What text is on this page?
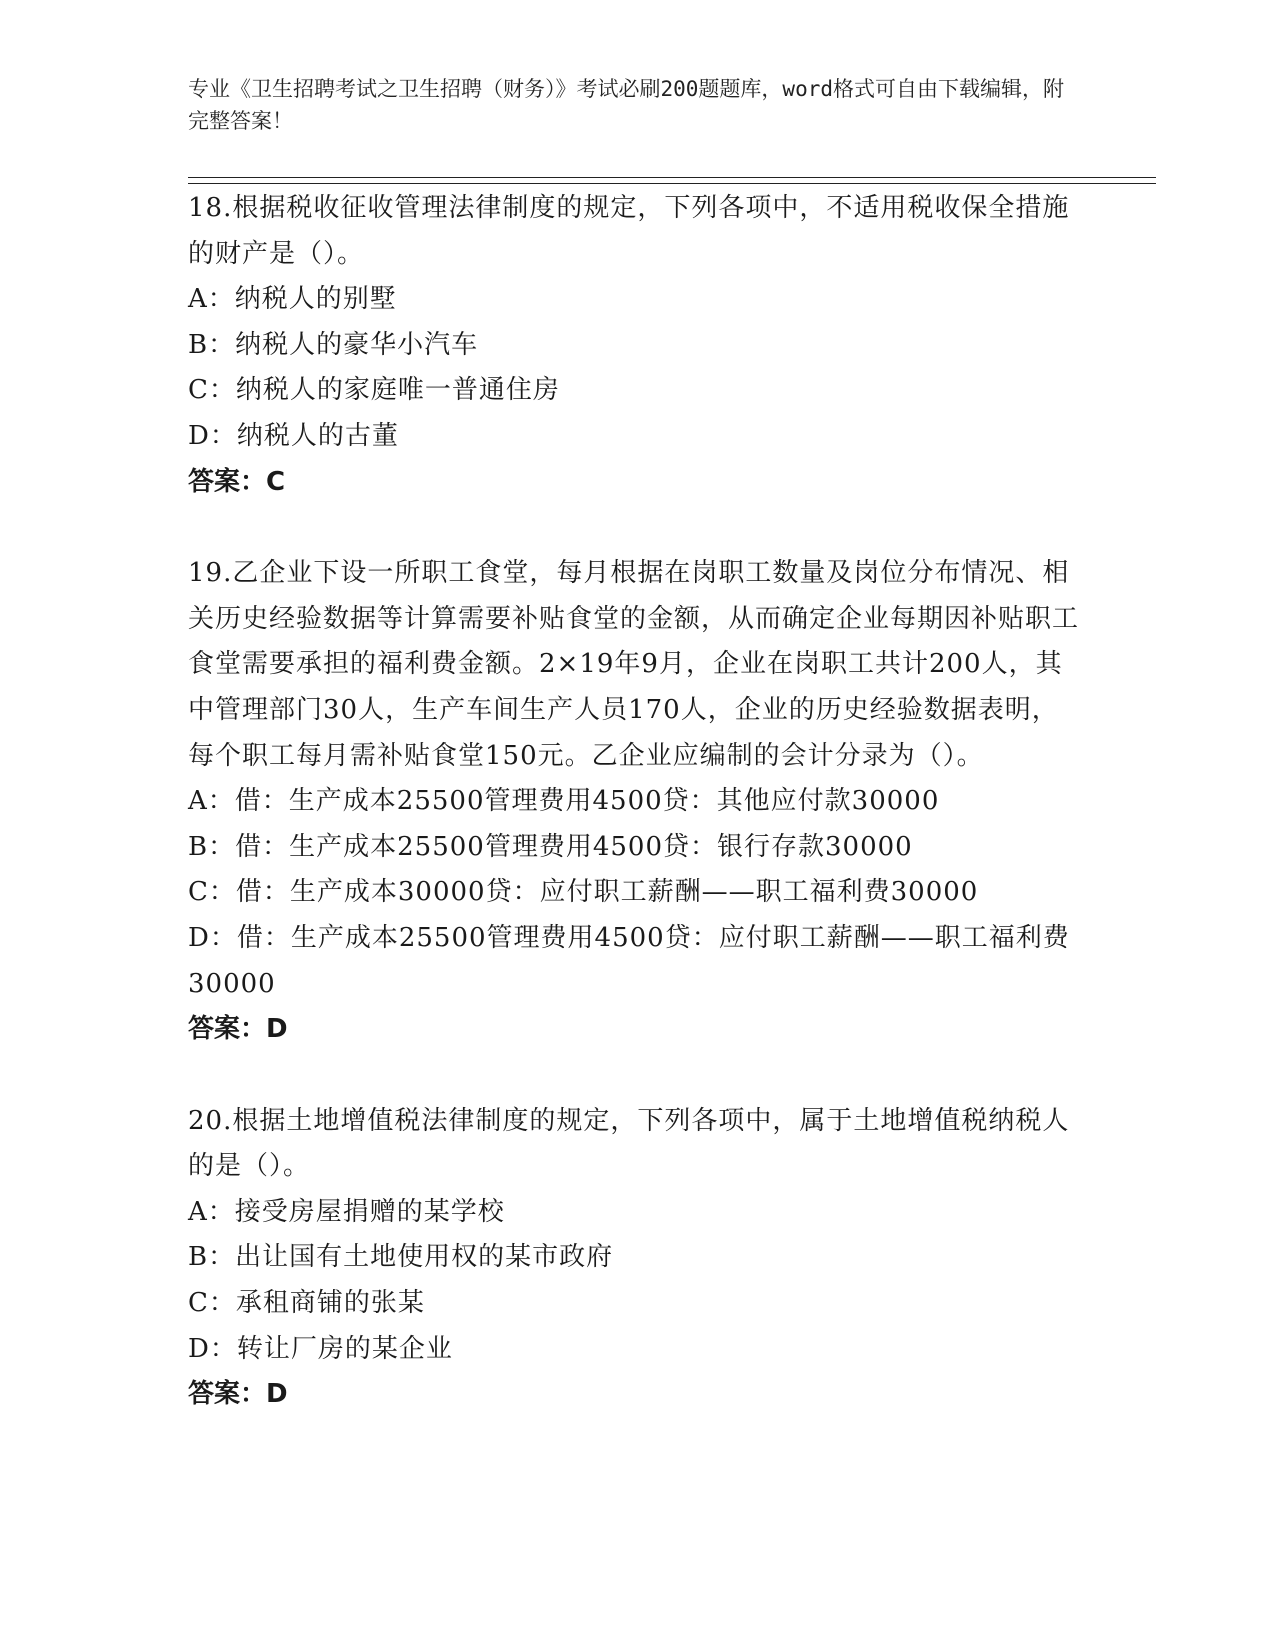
专业《卫生招聘考试之卫生招聘（财务）》考试必刷200题题库，word格式可自由下载编辑，附完整答案！

18.根据税收征收管理法律制度的规定，下列各项中，不适用税收保全措施的财产是（）。

A：纳税人的别墅

B：纳税人的豪华小汽车

C：纳税人的家庭唯一普通住房

D：纳税人的古董

答案：C

19.乙企业下设一所职工食堂，每月根据在岗职工数量及岗位分布情况、相关历史经验数据等计算需要补贴食堂的金额，从而确定企业每期因补贴职工食堂需要承担的福利费金额。2×19年9月，企业在岗职工共计200人，其中管理部门30人，生产车间生产人员170人，企业的历史经验数据表明，每个职工每月需补贴食堂150元。乙企业应编制的会计分录为（）。

A：借：生产成本25500管理费用4500贷：其他应付款30000

B：借：生产成本25500管理费用4500贷：银行存款30000

C：借：生产成本30000贷：应付职工薪酬——职工福利费30000

D：借：生产成本25500管理费用4500贷：应付职工薪酬——职工福利费30000

答案：D

20.根据土地增值税法律制度的规定，下列各项中，属于土地增值税纳税人的是（）。

A：接受房屋捐赠的某学校

B：出让国有土地使用权的某市政府

C：承租商铺的张某

D：转让厂房的某企业

答案：D
